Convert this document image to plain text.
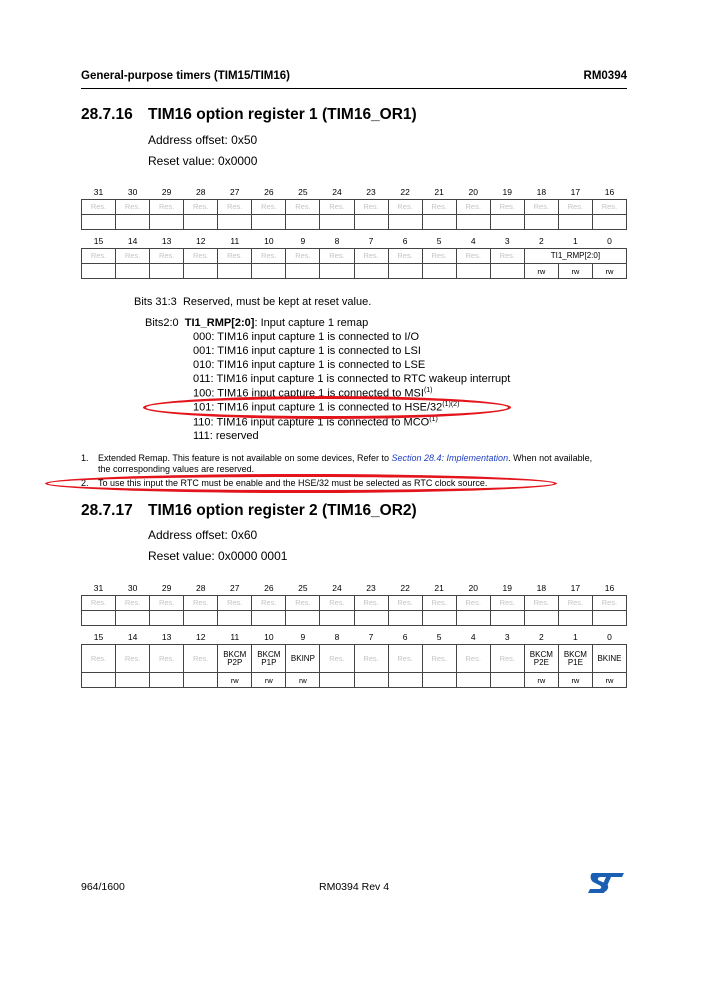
General-purpose timers (TIM15/TIM16)	RM0394
28.7.16 TIM16 option register 1 (TIM16_OR1)
Address offset: 0x50
Reset value: 0x0000
31	30	29	28	27	26	25	24	23	22	21	20	19	18	17	16
Res.	Res.	Res.	Res.	Res.	Res.	Res.	Res.	Res.	Res.	Res.	Res.	Res.	Res.	Res.	Res.

15	14	13	12	11	10	9	8	7	6	5	4	3	2	1	0
Res.	Res.	Res.	Res.	Res.	Res.	Res.	Res.	Res.	Res.	Res.	Res.	Res.	TI1_RMP[2:0]		
													rw	rw	rw
Bits 31:3 Reserved, must be kept at reset value.
Bits2:0 TI1_RMP[2:0]: Input capture 1 remap
000: TIM16 input capture 1 is connected to I/O
001: TIM16 input capture 1 is connected to LSI
010: TIM16 input capture 1 is connected to LSE
011: TIM16 input capture 1 is connected to RTC wakeup interrupt
100: TIM16 input capture 1 is connected to MSI$^{(1)}$
101: TIM16 input capture 1 is connected to HSE/$32^{(1)(2)}$
110: TIM16 input capture 1 is connected to MCO$^{(1)}$
111: reserved
1. Extended Remap. This feature is not available on some devices, Refer to Section 28.4: Implementation. When not available, the corresponding values are reserved.
2. To use this input the RTC must be enable and the HSE/32 must be selected as RTC clock source.
28.7.17 TIM16 option register 2 (TIM16_OR2)
Address offset: 0x60
Reset value: 0x0000 0001
31	30	29	28	27	26	25	24	23	22	21	20	19	18	17	16
Res.	Res.	Res.	Res.	Res.	Res.	Res.	Res.	Res.	Res.	Res.	Res.	Res.	Res.	Res.	Res.

15	14	13	12	11	10	9	8	7	6	5	4	3	2	1	0
Res.	Res.	Res.	Res.	BKCM P2P	BKCM P1P	BKINP	Res.	Res.	Res.	Res.	Res.	Res.	BKCM P2E	BKCM P1E	BKINE
				rw	rw	rw							rw	rw	rw
964/1600	RM0394 Rev 4
